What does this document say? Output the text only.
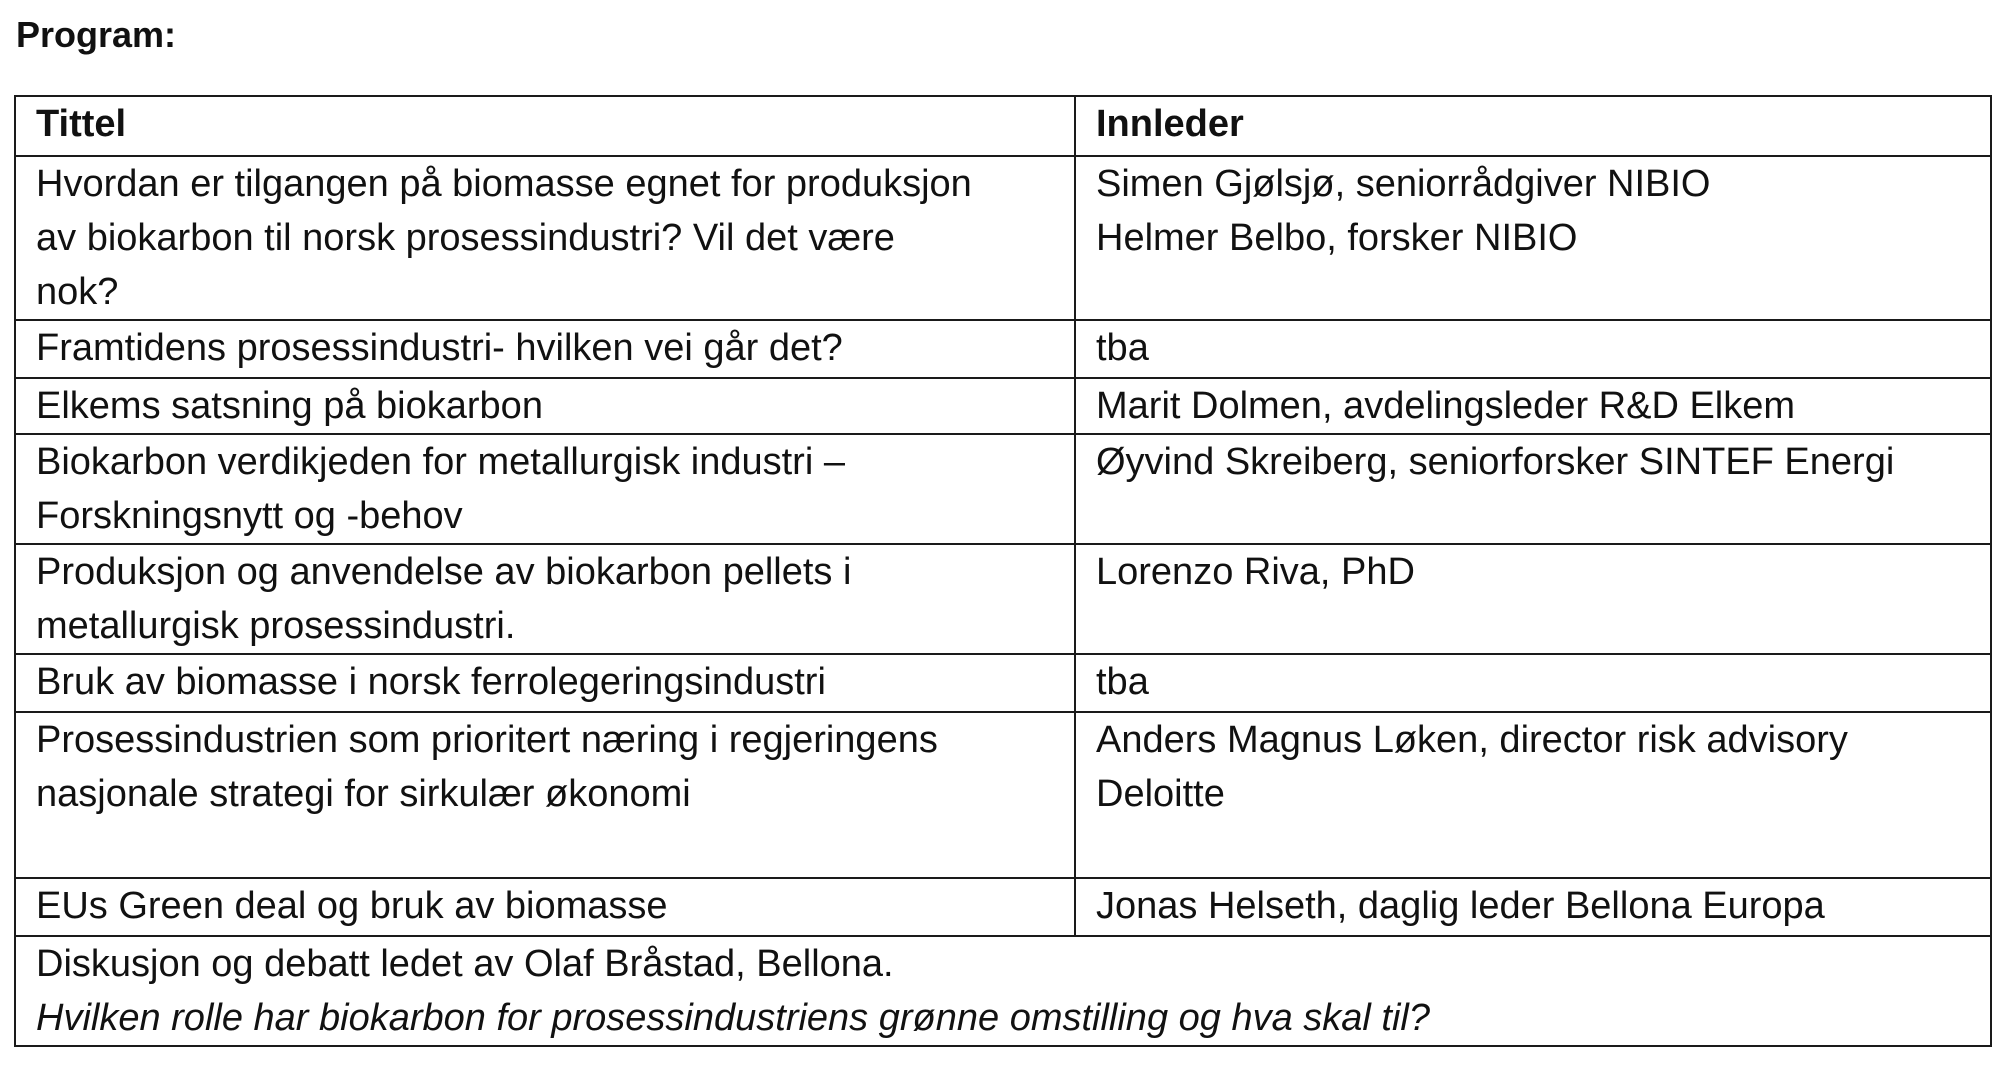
Program:
Tittel	Innleder

Hvordan er tilgangen på biomasse egnet for produksjon
av biokarbon til norsk prosessindustri? Vil det være
nok?	Simen Gjølsjø, seniorrådgiver NIBIO
Helmer Belbo, forsker NIBIO

Framtidens prosessindustri- hvilken vei går det?	tba

Elkems satsning på biokarbon	Marit Dolmen, avdelingsleder R&D Elkem

Biokarbon verdikjeden for metallurgisk industri –
Forskningsnytt og -behov	Øyvind Skreiberg, seniorforsker SINTEF Energi

Produksjon og anvendelse av biokarbon pellets i
metallurgisk prosessindustri.	Lorenzo Riva, PhD

Bruk av biomasse i norsk ferrolegeringsindustri	tba

Prosessindustrien som prioritert næring i regjeringens
nasjonale strategi for sirkulær økonomi	Anders Magnus Løken, director risk advisory
Deloitte

EUs Green deal og bruk av biomasse	Jonas Helseth, daglig leder Bellona Europa

Diskusjon og debatt ledet av Olaf Bråstad, Bellona.
Hvilken rolle har biokarbon for prosessindustriens grønne omstilling og hva skal til?	
